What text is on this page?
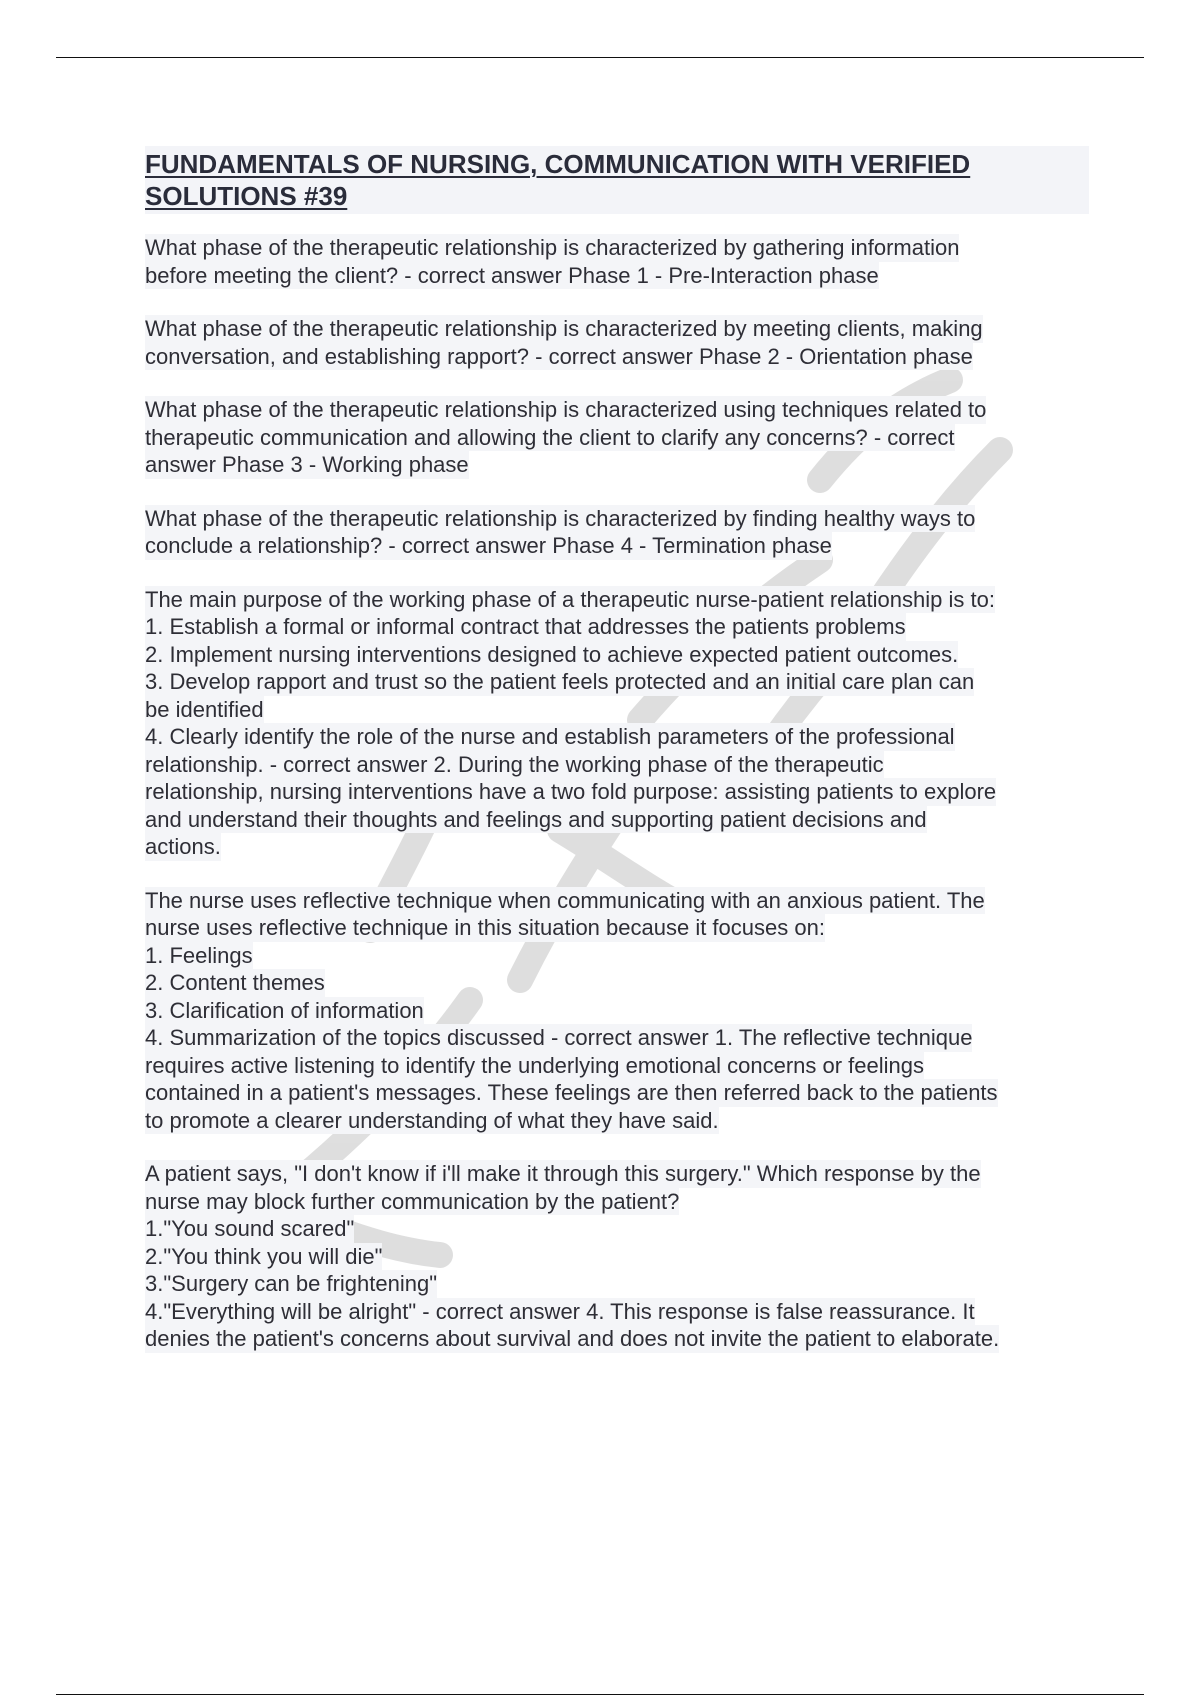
FUNDAMENTALS OF NURSING, COMMUNICATION WITH VERIFIED
SOLUTIONS #39
What phase of the therapeutic relationship is characterized by gathering information
before meeting the client? - correct answer Phase 1 - Pre-Interaction phase
What phase of the therapeutic relationship is characterized by meeting clients, making
conversation, and establishing rapport? - correct answer Phase 2 - Orientation phase
What phase of the therapeutic relationship is characterized using techniques related to
therapeutic communication and allowing the client to clarify any concerns? - correct
answer Phase 3 - Working phase
What phase of the therapeutic relationship is characterized by finding healthy ways to
conclude a relationship? - correct answer Phase 4 - Termination phase
The main purpose of the working phase of a therapeutic nurse-patient relationship is to:
1. Establish a formal or informal contract that addresses the patients problems
2. Implement nursing interventions designed to achieve expected patient outcomes.
3. Develop rapport and trust so the patient feels protected and an initial care plan can
be identified
4. Clearly identify the role of the nurse and establish parameters of the professional
relationship. - correct answer 2. During the working phase of the therapeutic
relationship, nursing interventions have a two fold purpose: assisting patients to explore
and understand their thoughts and feelings and supporting patient decisions and
actions.
The nurse uses reflective technique when communicating with an anxious patient. The
nurse uses reflective technique in this situation because it focuses on:
1. Feelings
2. Content themes
3. Clarification of information
4. Summarization of the topics discussed - correct answer 1. The reflective technique
requires active listening to identify the underlying emotional concerns or feelings
contained in a patient's messages. These feelings are then referred back to the patients
to promote a clearer understanding of what they have said.
A patient says, "I don't know if i'll make it through this surgery." Which response by the
nurse may block further communication by the patient?
1."You sound scared"
2."You think you will die"
3."Surgery can be frightening"
4."Everything will be alright" - correct answer 4. This response is false reassurance. It
denies the patient's concerns about survival and does not invite the patient to elaborate.
